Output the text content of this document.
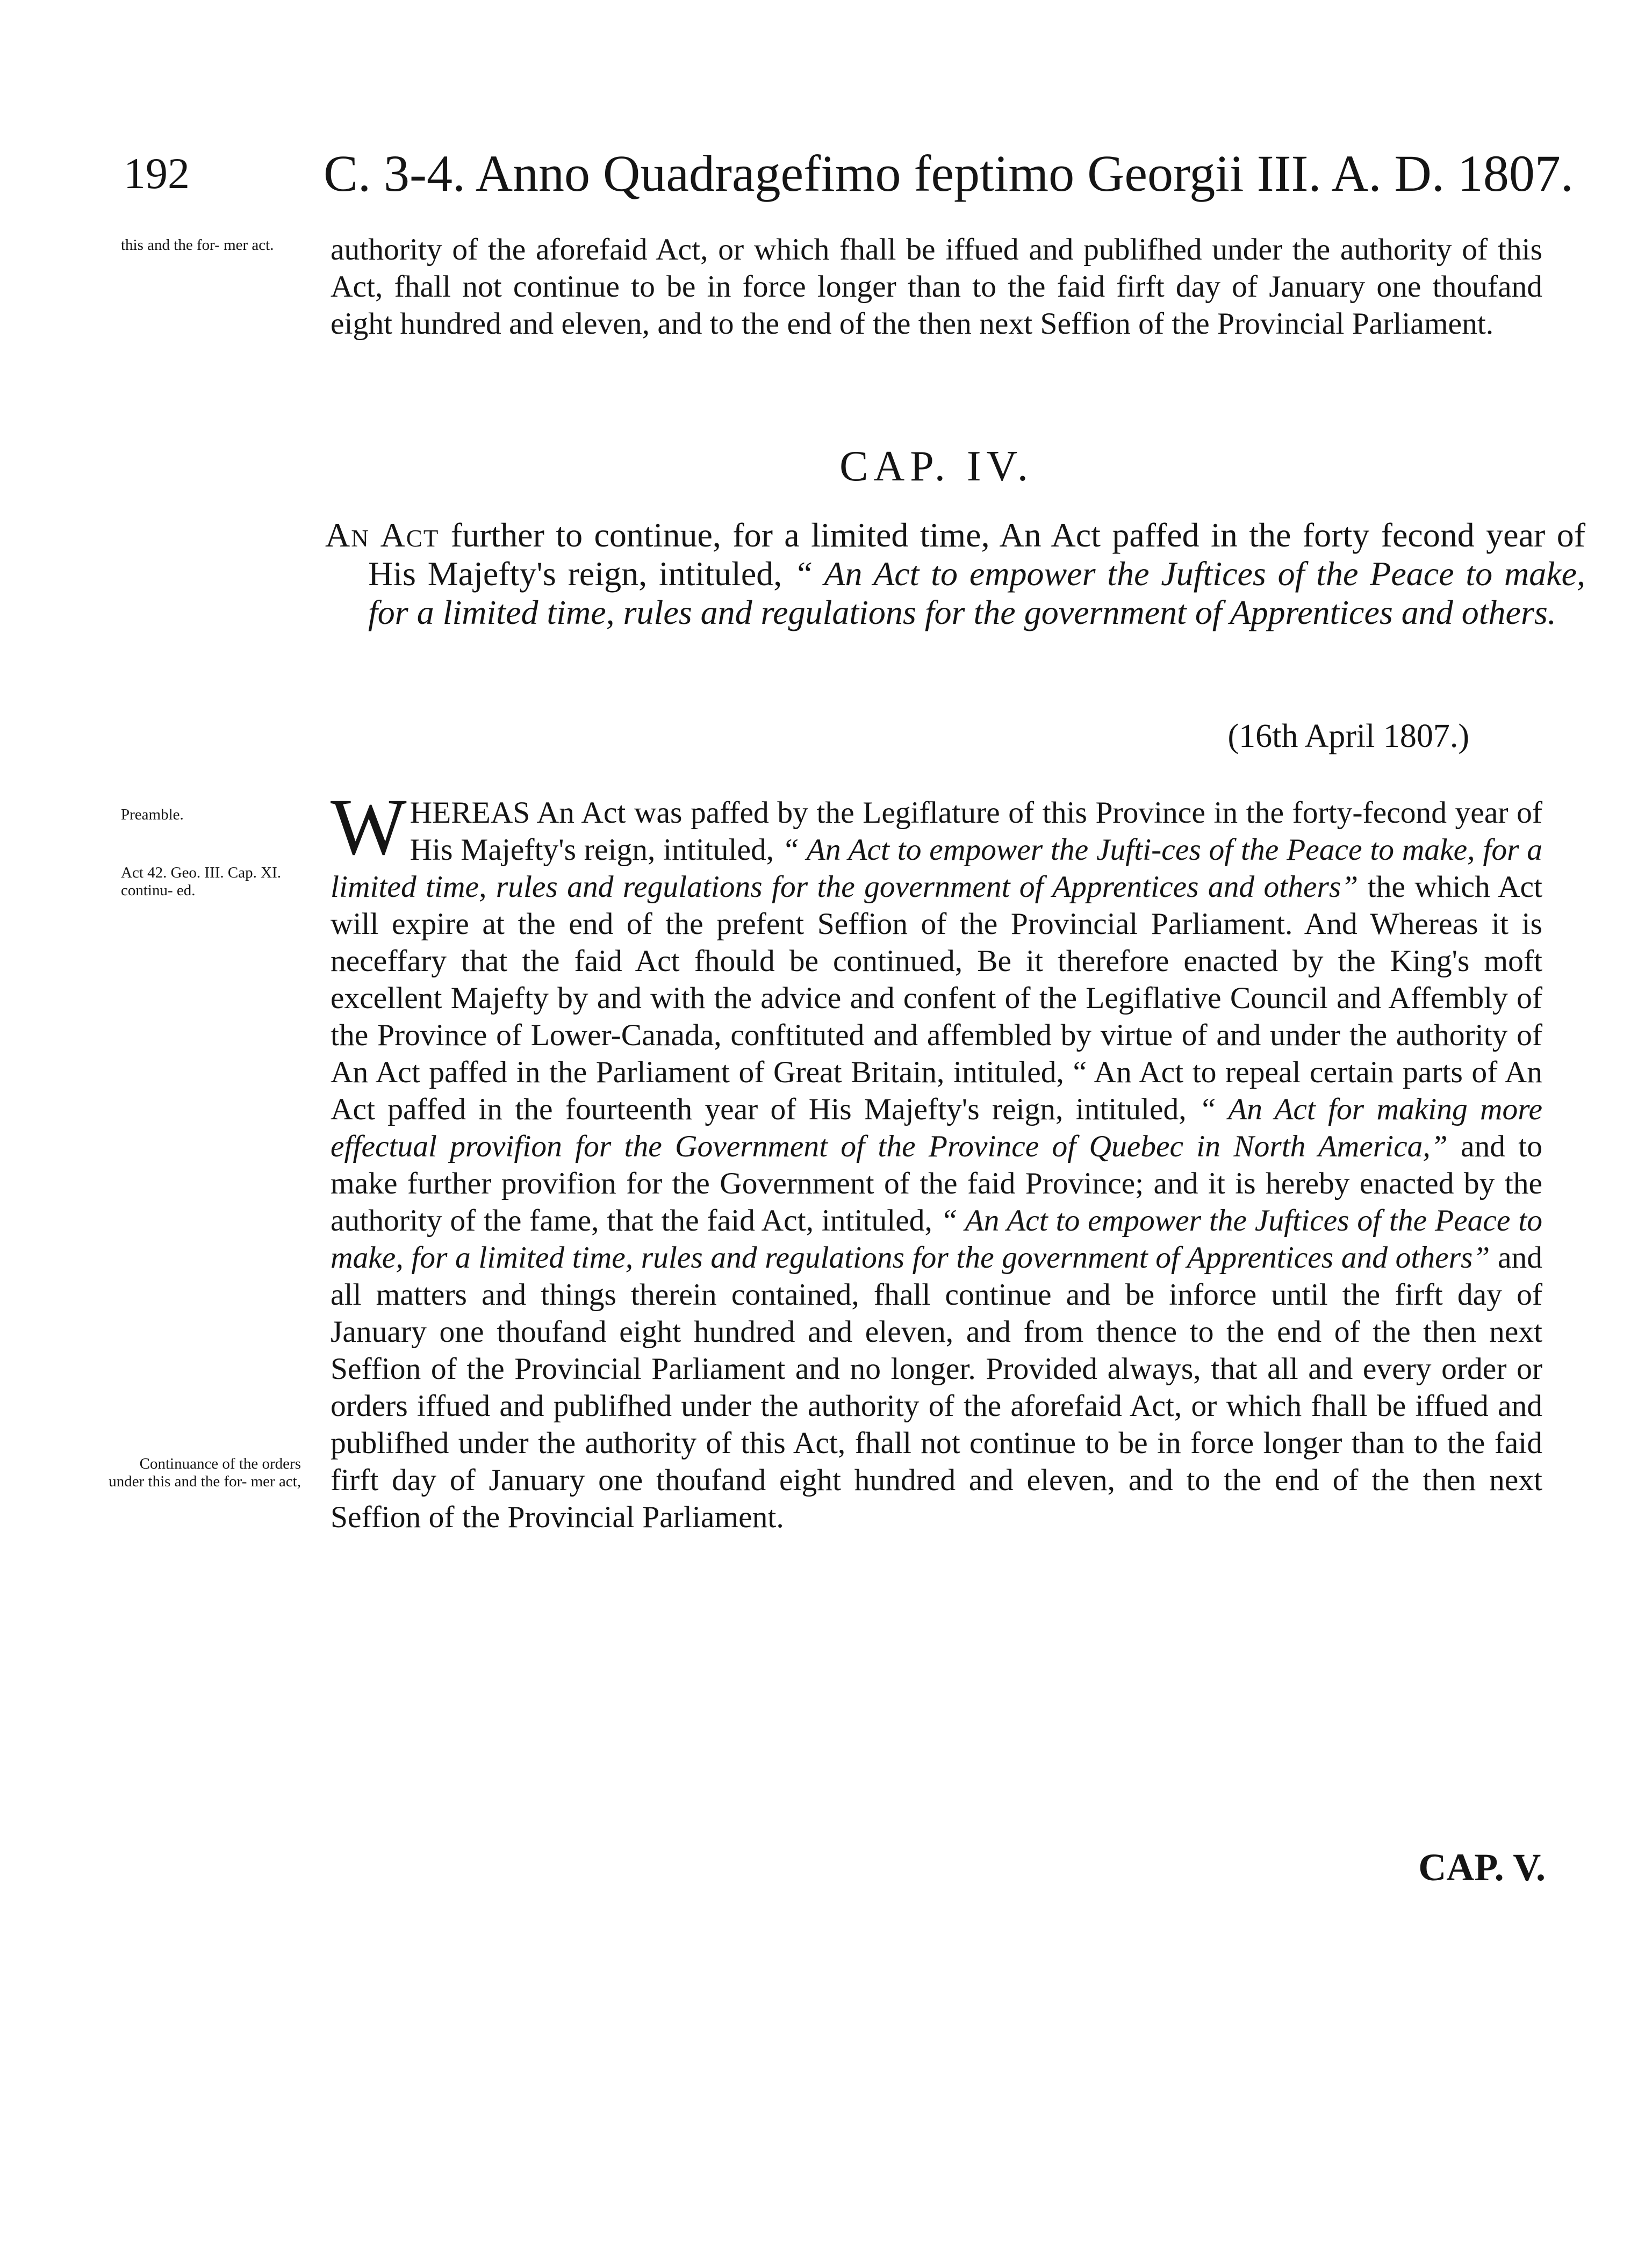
192	C. 3-4. Anno Quadragefimo feptimo Georgii III. A. D. 1807.
this and the for- mer act. authority of the aforefaid Act, or which fhall be iffued and publifhed under the authority of this Act, fhall not continue to be in force longer than to the faid firft day of January one thoufand eight hundred and eleven, and to the end of the then next Seffion of the Provincial Parliament.
CAP. IV.
An Act further to continue, for a limited time, An Act paffed in the forty fecond year of His Majefty's reign, intituled, “ An Act to empower the Juftices of the Peace to make, for a limited time, rules and regulations for the government of Apprentices and others.
(16th April 1807.)
Preamble.
Act 42. Geo. III. Cap. XI. continu- ed.
Continuance of the orders under this and the for- mer act,
W HEREAS An Act was paffed by the Legiflature of this Province in the forty-fecond year of His Majefty's reign, intituled, “ An Act to empower the Jufti-ces of the Peace to make, for a limited time, rules and regulations for the government of Apprentices and others” the which Act will expire at the end of the prefent Seffion of the Provincial Parliament. And Whereas it is neceffary that the faid Act fhould be continued, Be it therefore enacted by the King's moft excellent Majefty by and with the advice and confent of the Legiflative Council and Affembly of the Province of Lower-Canada, conftituted and affembled by virtue of and under the authority of An Act paffed in the Parliament of Great Britain, intituled, “ An Act to repeal certain parts of An Act paffed in the fourteenth year of His Majefty's reign, intituled, “ An Act for making more effectual provifion for the Government of the Province of Quebec in North America,” and to make further provifion for the Government of the faid Province; and it is hereby enacted by the authority of the fame, that the faid Act, intituled, “ An Act to empower the Juftices of the Peace to make, for a limited time, rules and regulations for the government of Apprentices and others” and all matters and things therein contained, fhall continue and be inforce until the firft day of January one thoufand eight hundred and eleven, and from thence to the end of the then next Seffion of the Provincial Parliament and no longer. Provided always, that all and every order or orders iffued and publifhed under the authority of the aforefaid Act, or which fhall be iffued and publifhed under the authority of this Act, fhall not continue to be in force longer than to the faid firft day of January one thoufand eight hundred and eleven, and to the end of the then next Seffion of the Provincial Parliament.
CAP. V.
